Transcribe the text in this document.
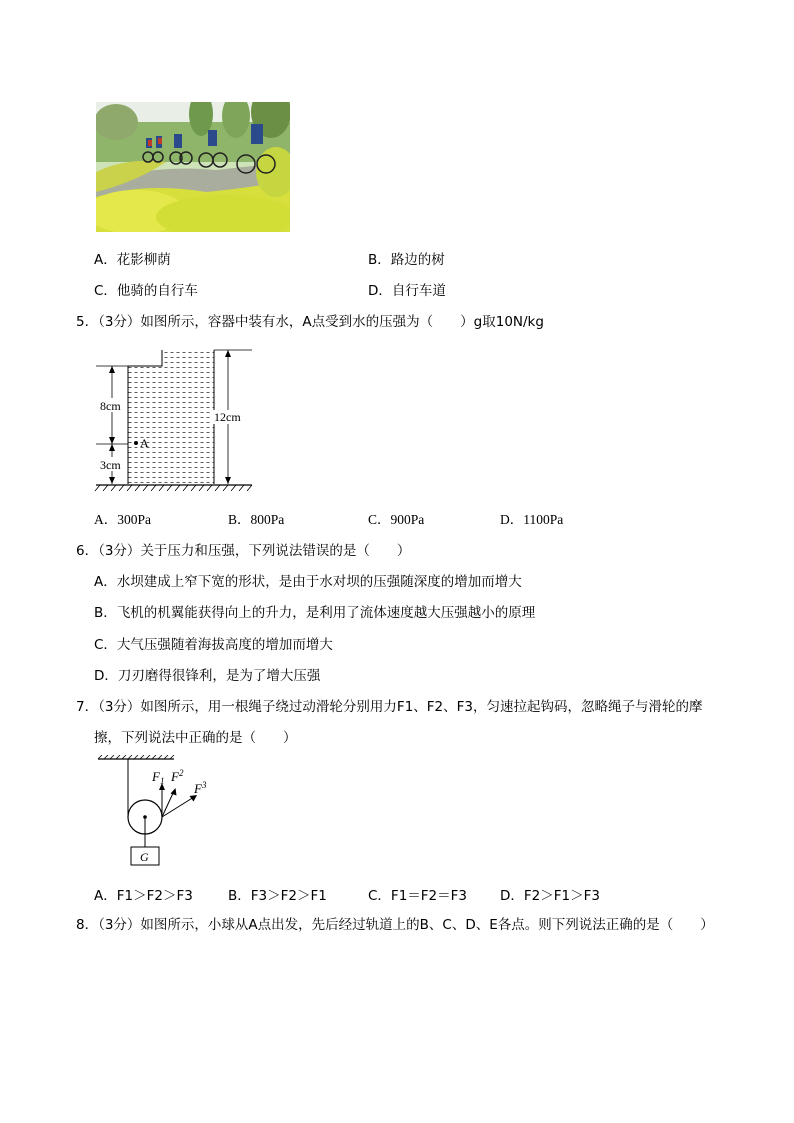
A．花影柳荫	B．路边的树
C．他骑的自行车	D．自行车道
5．（3分）如图所示，容器中装有水，A点受到水的压强为（　　）g取10N/kg
8cm
3cm
A
12cm
A．300Pa	B．800Pa	C．900Pa	D．1100Pa
6．（3分）关于压力和压强，下列说法错误的是（　　）
A．水坝建成上窄下宽的形状，是由于水对坝的压强随深度的增加而增大
B．飞机的机翼能获得向上的升力，是利用了流体速度越大压强越小的原理
C．大气压强随着海拔高度的增加而增大
D．刀刃磨得很锋利，是为了增大压强
7．（3分）如图所示，用一根绳子绕过动滑轮分别用力F1、F2、F3，匀速拉起钩码，忽略绳子与滑轮的摩
擦，下列说法中正确的是（　　）
G
$F_1$ $F^2$
$F^3$
A．F1＞F2＞F3	B．F3＞F2＞F1	C．F1＝F2＝F3 D．F2＞F1＞F3
8．（3分）如图所示，小球从A点出发，先后经过轨道上的B、C、D、E各点。则下列说法正确的是（　　）
